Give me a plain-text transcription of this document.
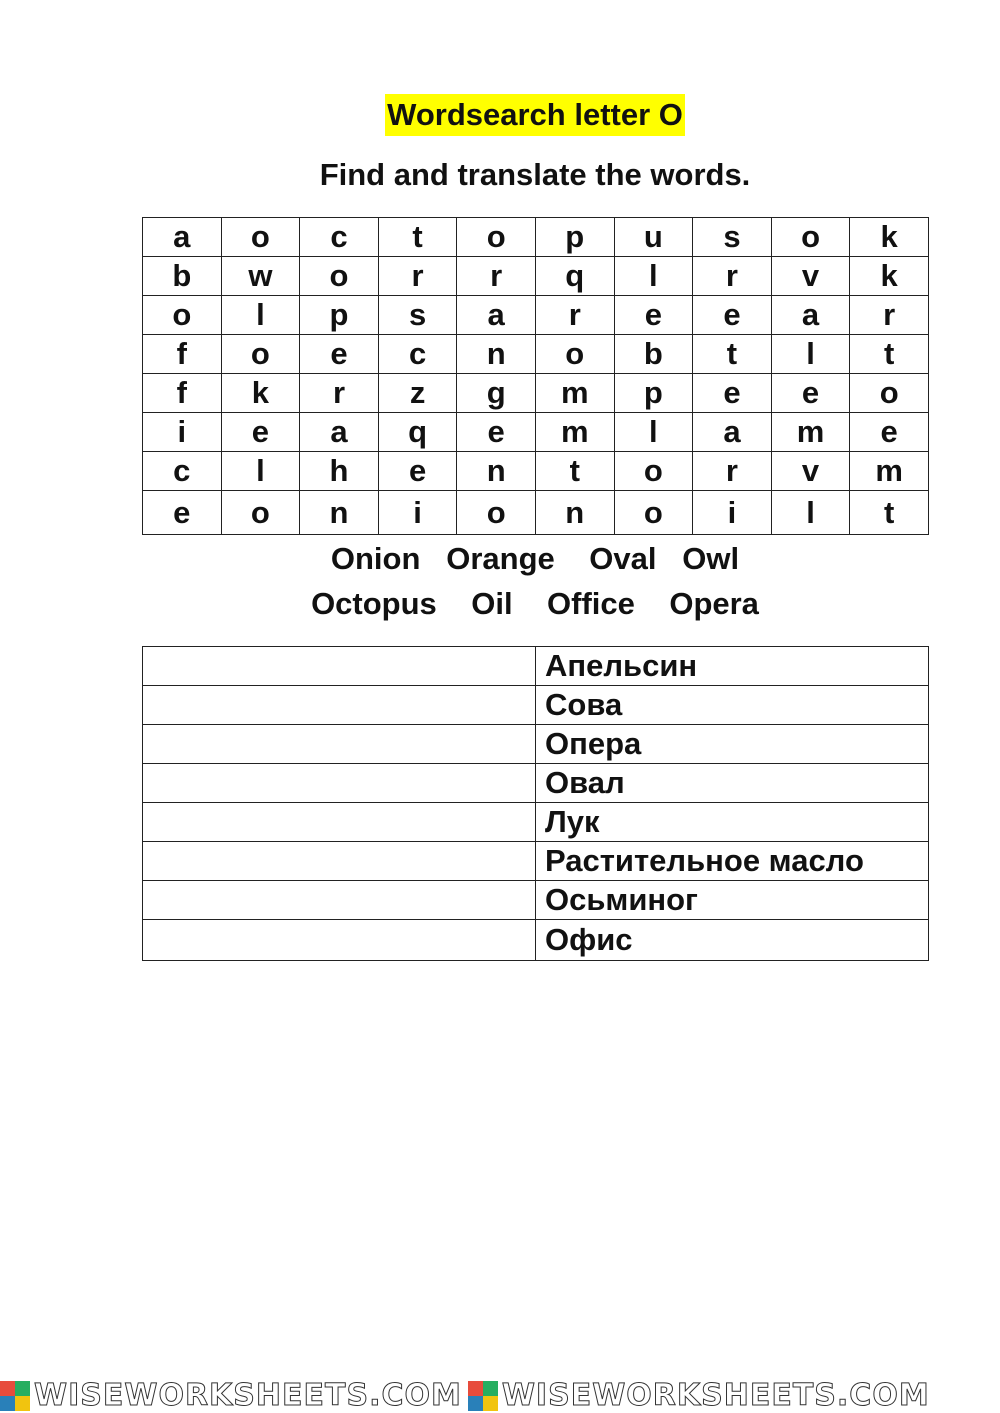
Wordsearch letter O
Find and translate the words.
a	o	c	t	o	p	u	s	o	k
b	w	o	r	r	q	l	r	v	k
o	l	p	s	a	r	e	e	a	r
f	o	e	c	n	o	b	t	l	t
f	k	r	z	g	m	p	e	e	o
i	e	a	q	e	m	l	a	m	e
c	l	h	e	n	t	o	r	v	m
e	o	n	i	o	n	o	i	l	t
Onion   Orange    Oval   Owl
Octopus    Oil    Office    Opera
	Апельсин
	Сова
	Опера
	Овал
	Лук
	Растительное масло
	Осьминог
	Офис
WISEWORKSHEETS.COM WISEWORKSHEETS.COM
